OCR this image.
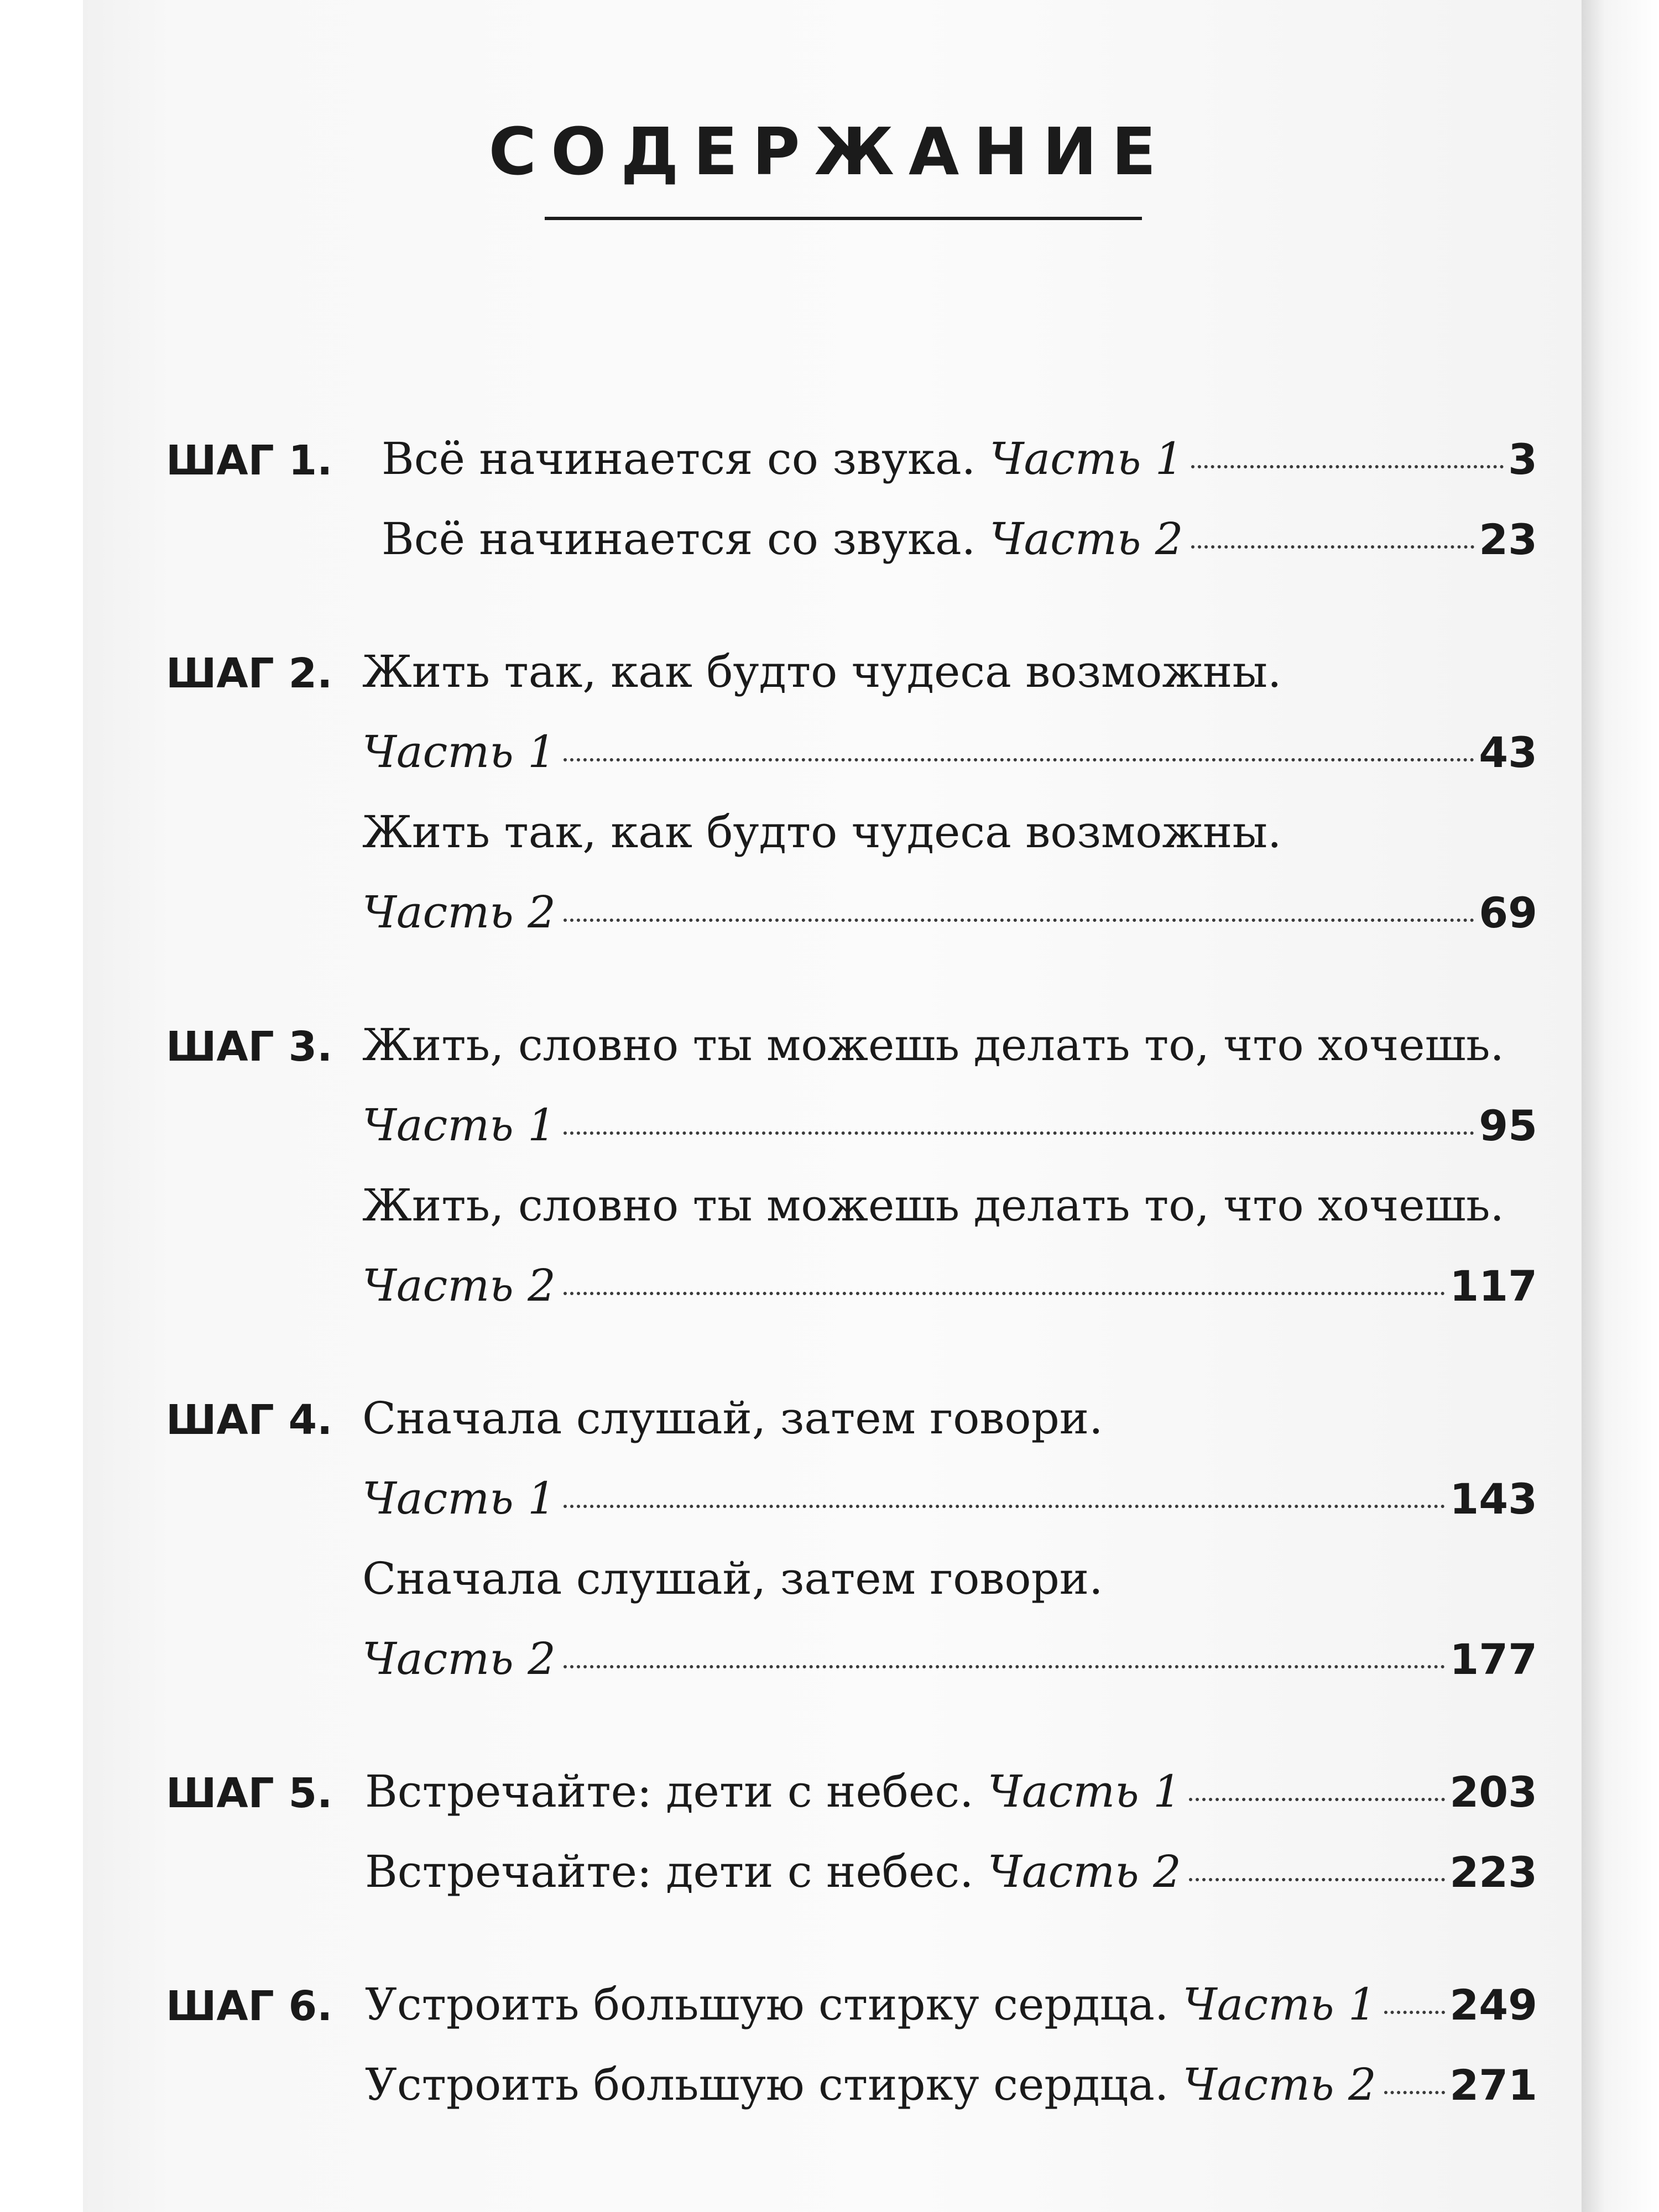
СОДЕРЖАНИЕ
ШАГ 1. Всё начинается со звука.
Часть 1	3
Всё начинается со звука.
Часть 2	23
ШАГ 2. Жить так, как будто чудеса возможны.
Часть 1	43
Жить так, как будто чудеса возможны.
Часть 2	69
ШАГ 3. Жить, словно ты можешь делать то, что хочешь.
Часть 1	95
Жить, словно ты можешь делать то, что хочешь.
Часть 2	117
ШАГ 4. Сначала слушай, затем говори.
Часть 1	143
Сначала слушай, затем говори.
Часть 2	177
ШАГ 5. Встречайте: дети с небес.
Часть 1	203
Встречайте: дети с небес.
Часть 2	223
ШАГ 6. Устроить большую стирку сердца.
Часть 1 249
Устроить большую стирку сердца.
Часть 2 271
